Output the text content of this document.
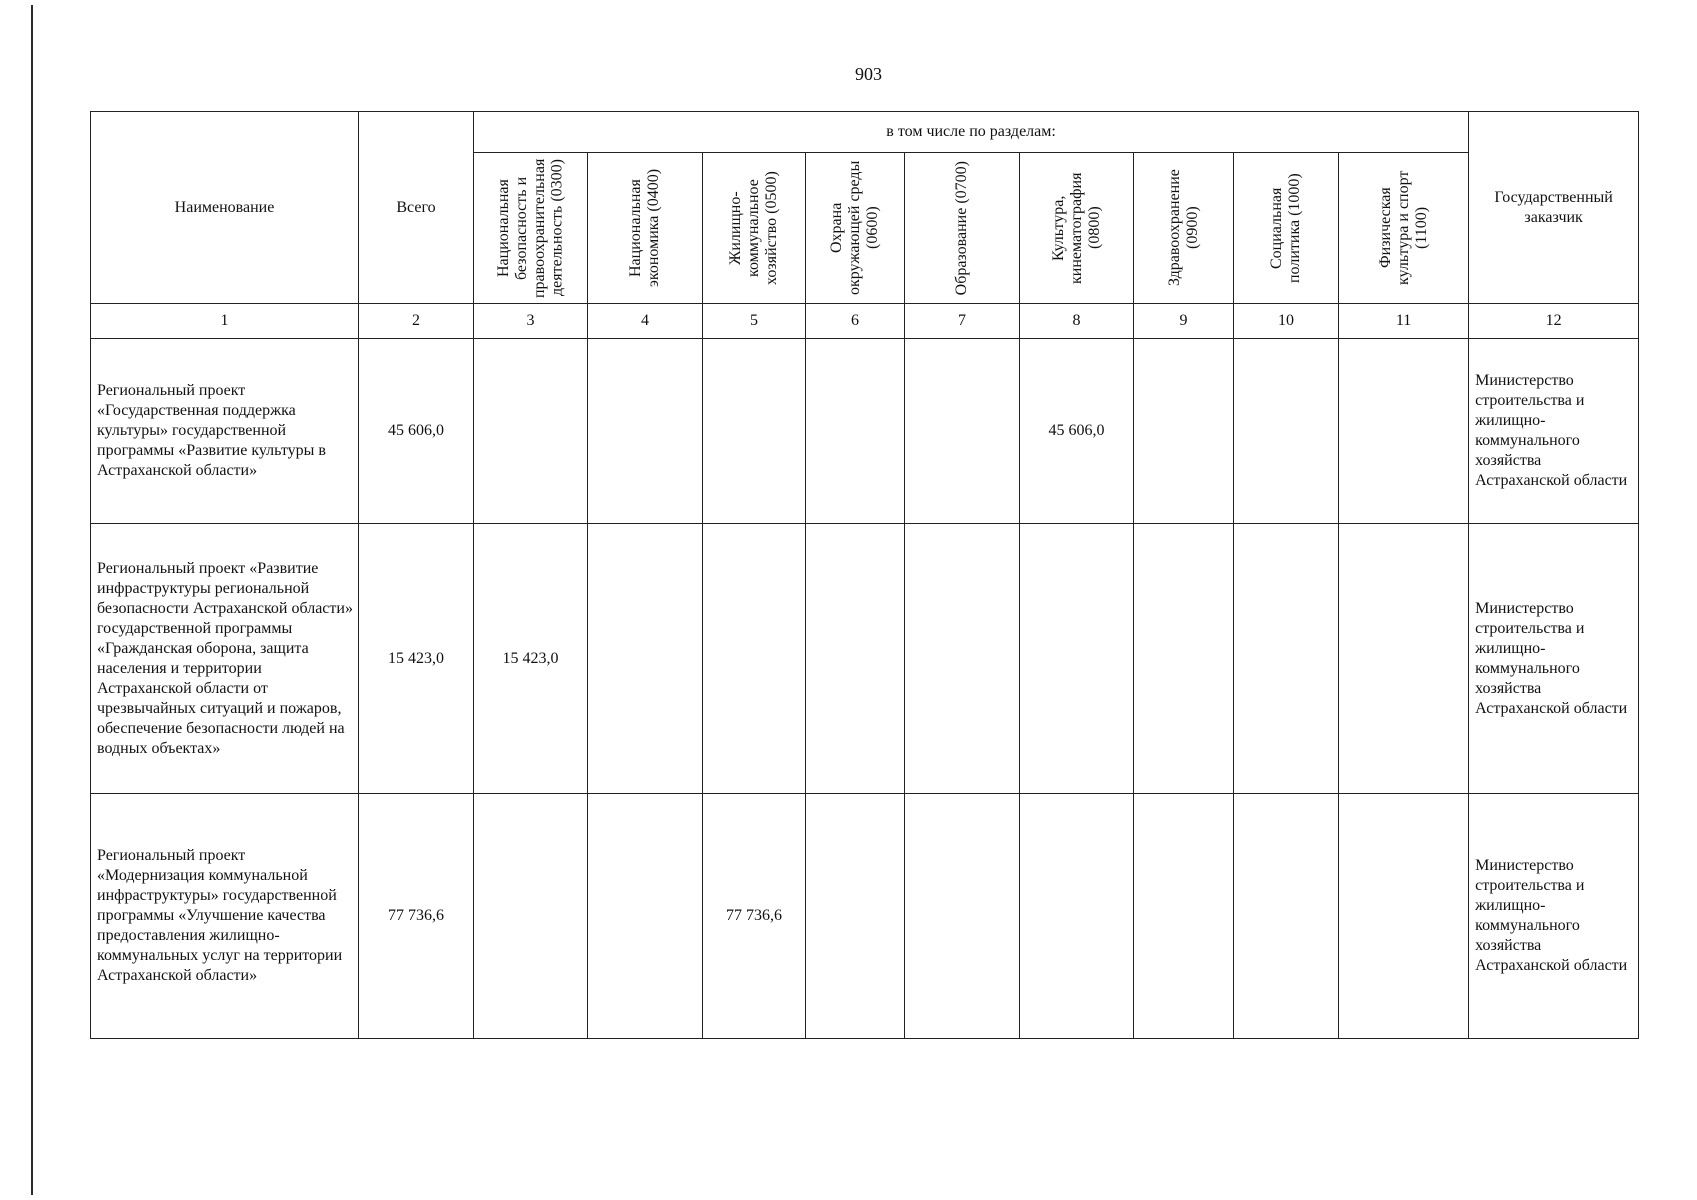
903
Наименование	Всего	в том числе по разделам:									Государственный заказчик

		Национальная безопасность и правоохранительная деятельность (0300)	Национальная экономика (0400)	Жилищно-коммунальное хозяйство (0500)	Охрана окружающей среды (0600)	Образование (0700)	Культура, кинематография (0800)	Здравоохранение (0900)	Социальная политика (1000)	Физическая культура и спорт (1100)	

1	2	3	4	5	6	7	8	9	10	11	12
Региональный проект «Государственная поддержка культуры» государственной программы «Развитие культуры в Астраханской области»	45 606,0						45 606,0				Министерство строительства и жилищно-коммунального хозяйства Астраханской области
Региональный проект «Развитие инфраструктуры региональной безопасности Астраханской области» государственной программы «Гражданская оборона, защита населения и территории Астраханской области от чрезвычайных ситуаций и пожаров, обеспечение безопасности людей на водных объектах»	15 423,0	15 423,0									Министерство строительства и жилищно-коммунального хозяйства Астраханской области
Региональный проект «Модернизация коммунальной инфраструктуры» государственной программы «Улучшение качества предоставления жилищно-коммунальных услуг на территории Астраханской области»	77 736,6			77 736,6							Министерство строительства и жилищно-коммунального хозяйства Астраханской области
